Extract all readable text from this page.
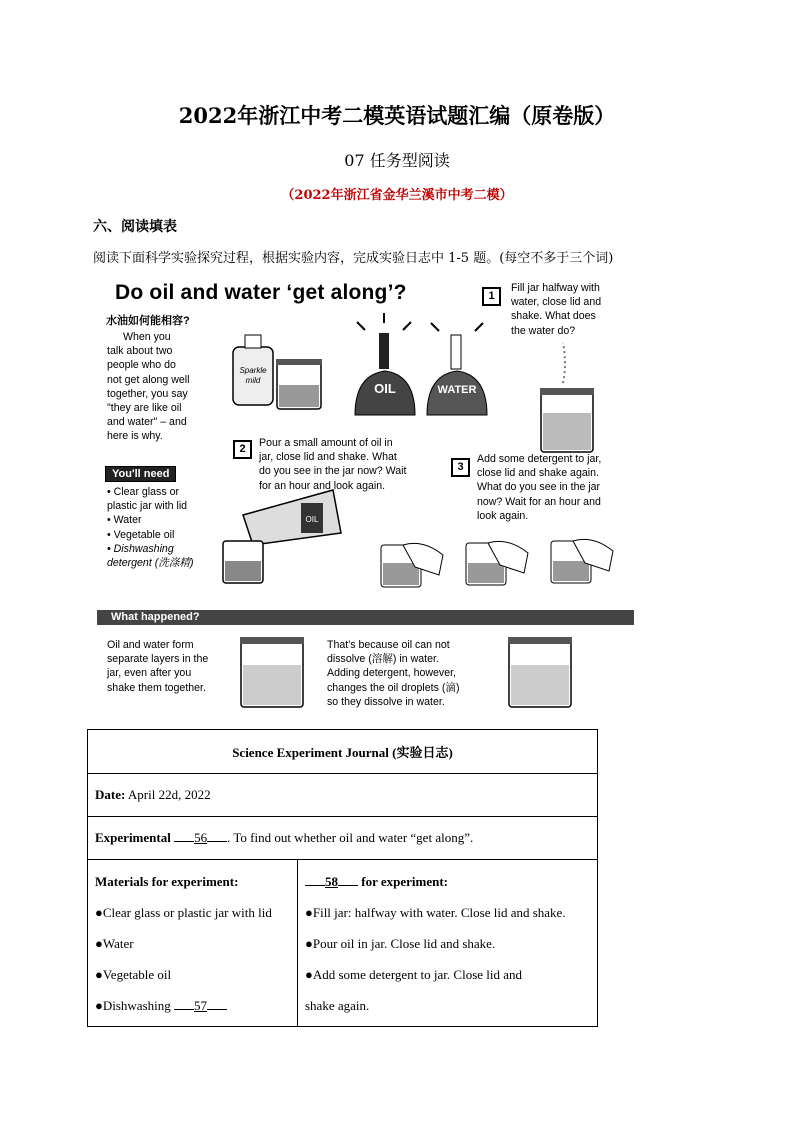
2022年浙江中考二模英语试题汇编（原卷版）
07 任务型阅读
（2022年浙江省金华兰溪市中考二模）
六、阅读填表
阅读下面科学实验探究过程，根据实验内容，完成实验日志中 1-5 题。(每空不多于三个词)
Do oil and water ‘get along’?
水油如何能相容?
When you
talk about two
people who do
not get along well
together, you say
"they are like oil
and water" – and
here is why.
You'll need
• Clear glass or
plastic jar with lid
• Water
• Vegetable oil
• Dishwashing
detergent (洗涤精)
Sparkle
mild
OIL	WATER
OIL
1
Fill jar halfway with
water, close lid and
shake. What does
the water do?
2	Pour a small amount of oil in
jar, close lid and shake. What
do you see in the jar now? Wait
for an hour and look again.
3
Add some detergent to jar,
close lid and shake again.
What do you see in the jar
now? Wait for an hour and
look again.
What happened?
Oil and water form
separate layers in the
jar, even after you
shake them together.
That's because oil can not
dissolve (溶解) in water.
Adding detergent, however,
changes the oil droplets (滴)
so they dissolve in water.
Science Experiment Journal (实验日志)
Date: April 22d, 2022
Experimental 56 . To find out whether oil and water “get along”.

Materials for experiment:
●Clear glass or plastic jar with lid
●Water
●Vegetable oil
●Dishwashing 57

58 for experiment:
●Fill jar: halfway with water. Close lid and shake.
●Pour oil in jar. Close lid and shake.
●Add some detergent to jar. Close lid and
shake again.
